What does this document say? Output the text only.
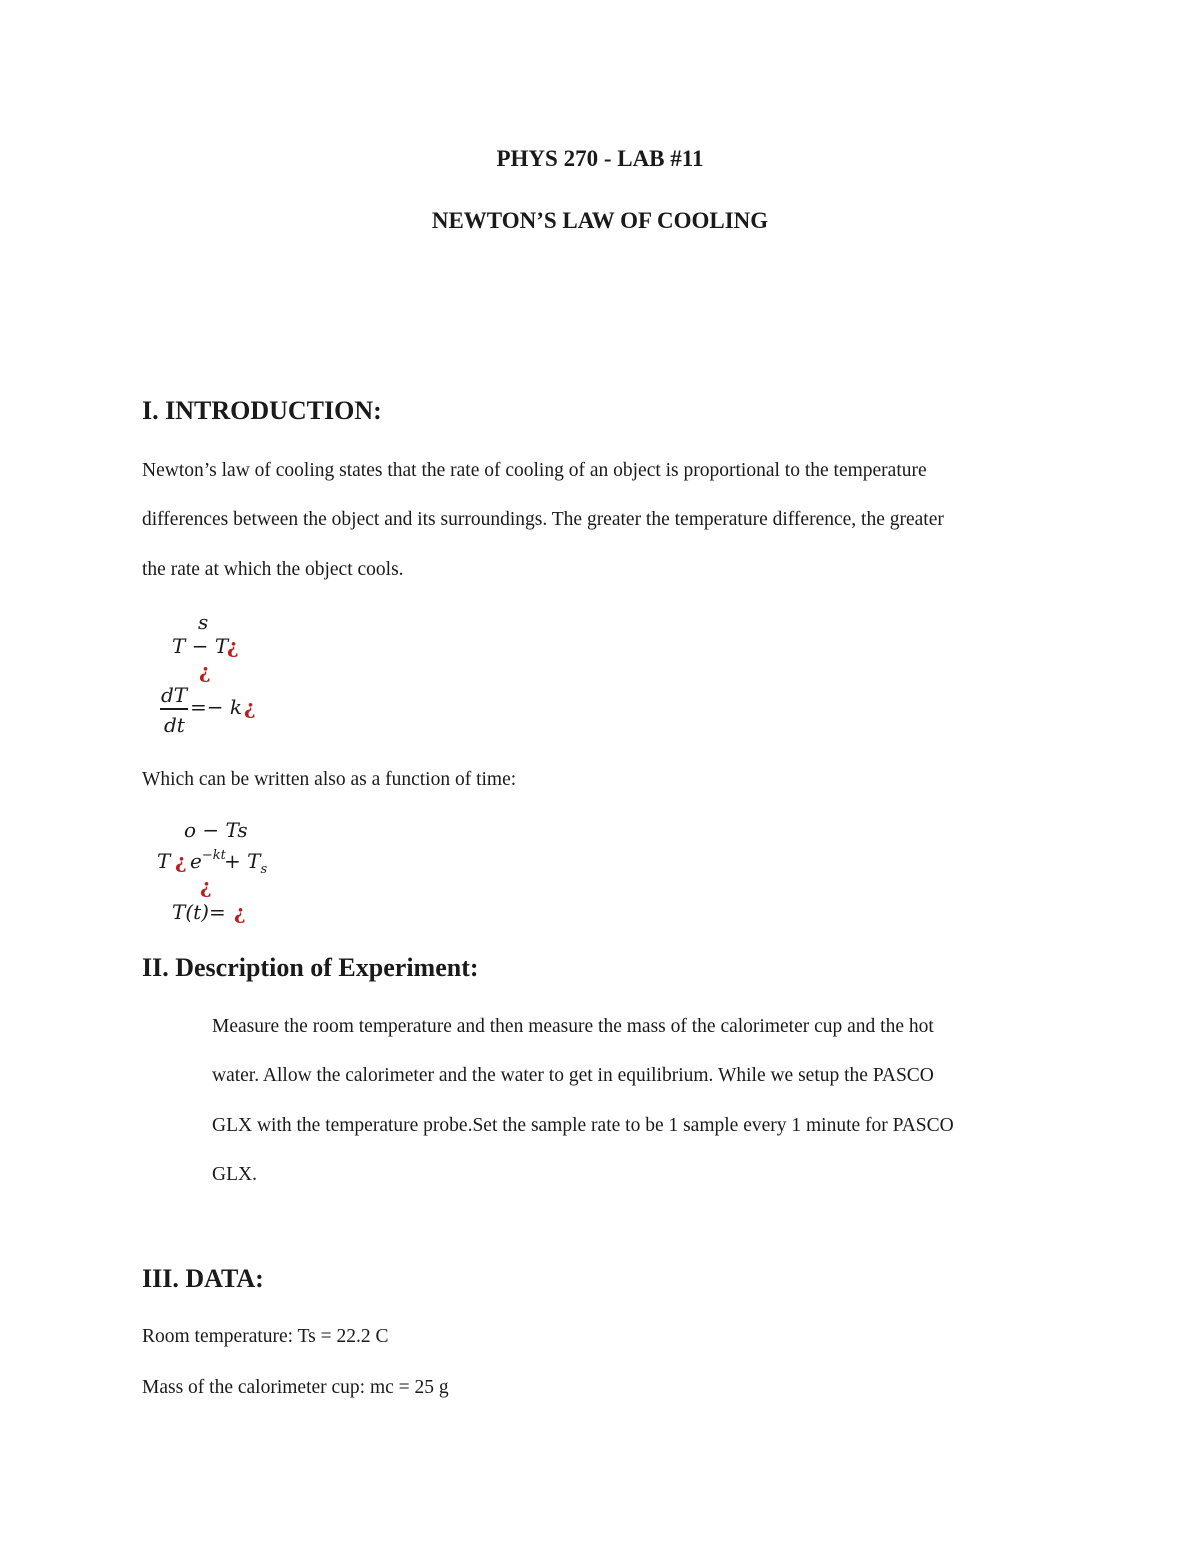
PHYS 270 - LAB #11
NEWTON’S LAW OF COOLING
I. INTRODUCTION:
Newton’s law of cooling states that the rate of cooling of an object is proportional to the temperature
differences between the object and its surroundings. The greater the temperature difference, the greater
the rate at which the object cools.
s
T − T
¿
¿
dT
dt
=− k ¿
Which can be written also as a function of time:
o − Ts
T ¿ $e^{-kt}$
+ $T_s$
¿
T(t)= ¿
II. Description of Experiment:
Measure the room temperature and then measure the mass of the calorimeter cup and the hot
water. Allow the calorimeter and the water to get in equilibrium. While we setup the PASCO
GLX with the temperature probe.Set the sample rate to be 1 sample every 1 minute for PASCO
GLX.
III. DATA:
Room temperature: Ts = 22.2 C
Mass of the calorimeter cup: mc = 25 g
